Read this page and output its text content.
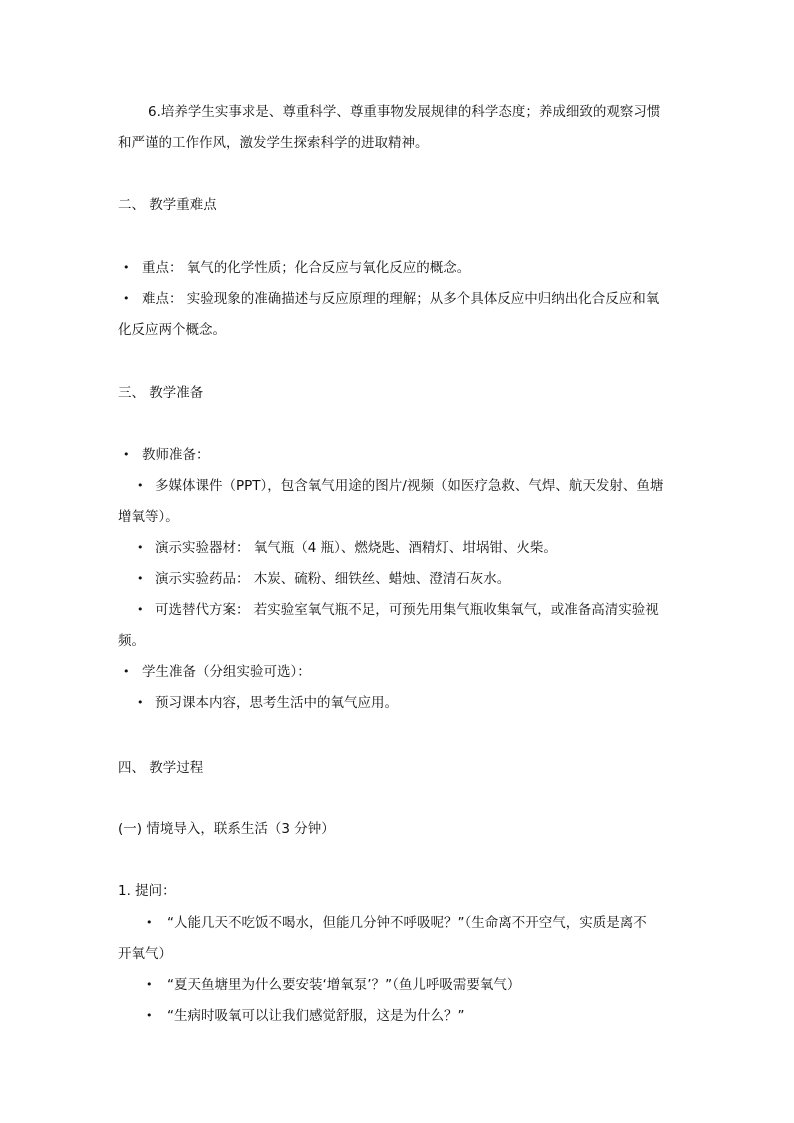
6.培养学生实事求是、尊重科学、尊重事物发展规律的科学态度；养成细致的观察习惯
和严谨的工作作风，激发学生探索科学的进取精神。
二、 教学重难点
• 重点： 氧气的化学性质；化合反应与氧化反应的概念。
• 难点： 实验现象的准确描述与反应原理的理解；从多个具体反应中归纳出化合反应和氧
化反应两个概念。
三、 教学准备
• 教师准备：
• 多媒体课件（PPT），包含氧气用途的图片/视频（如医疗急救、气焊、航天发射、鱼塘
增氧等）。
• 演示实验器材： 氧气瓶（4 瓶）、燃烧匙、酒精灯、坩埚钳、火柴。
• 演示实验药品： 木炭、硫粉、细铁丝、蜡烛、澄清石灰水。
• 可选替代方案： 若实验室氧气瓶不足，可预先用集气瓶收集氧气，或准备高清实验视
频。
• 学生准备（分组实验可选）：
• 预习课本内容，思考生活中的氧气应用。
四、 教学过程
(一) 情境导入，联系生活（3 分钟）
1. 提问：
• “人能几天不吃饭不喝水，但能几分钟不呼吸呢？”（生命离不开空气，实质是离不
开氧气）
• “夏天鱼塘里为什么要安装‘增氧泵’？”（鱼儿呼吸需要氧气）
• “生病时吸氧可以让我们感觉舒服，这是为什么？”
